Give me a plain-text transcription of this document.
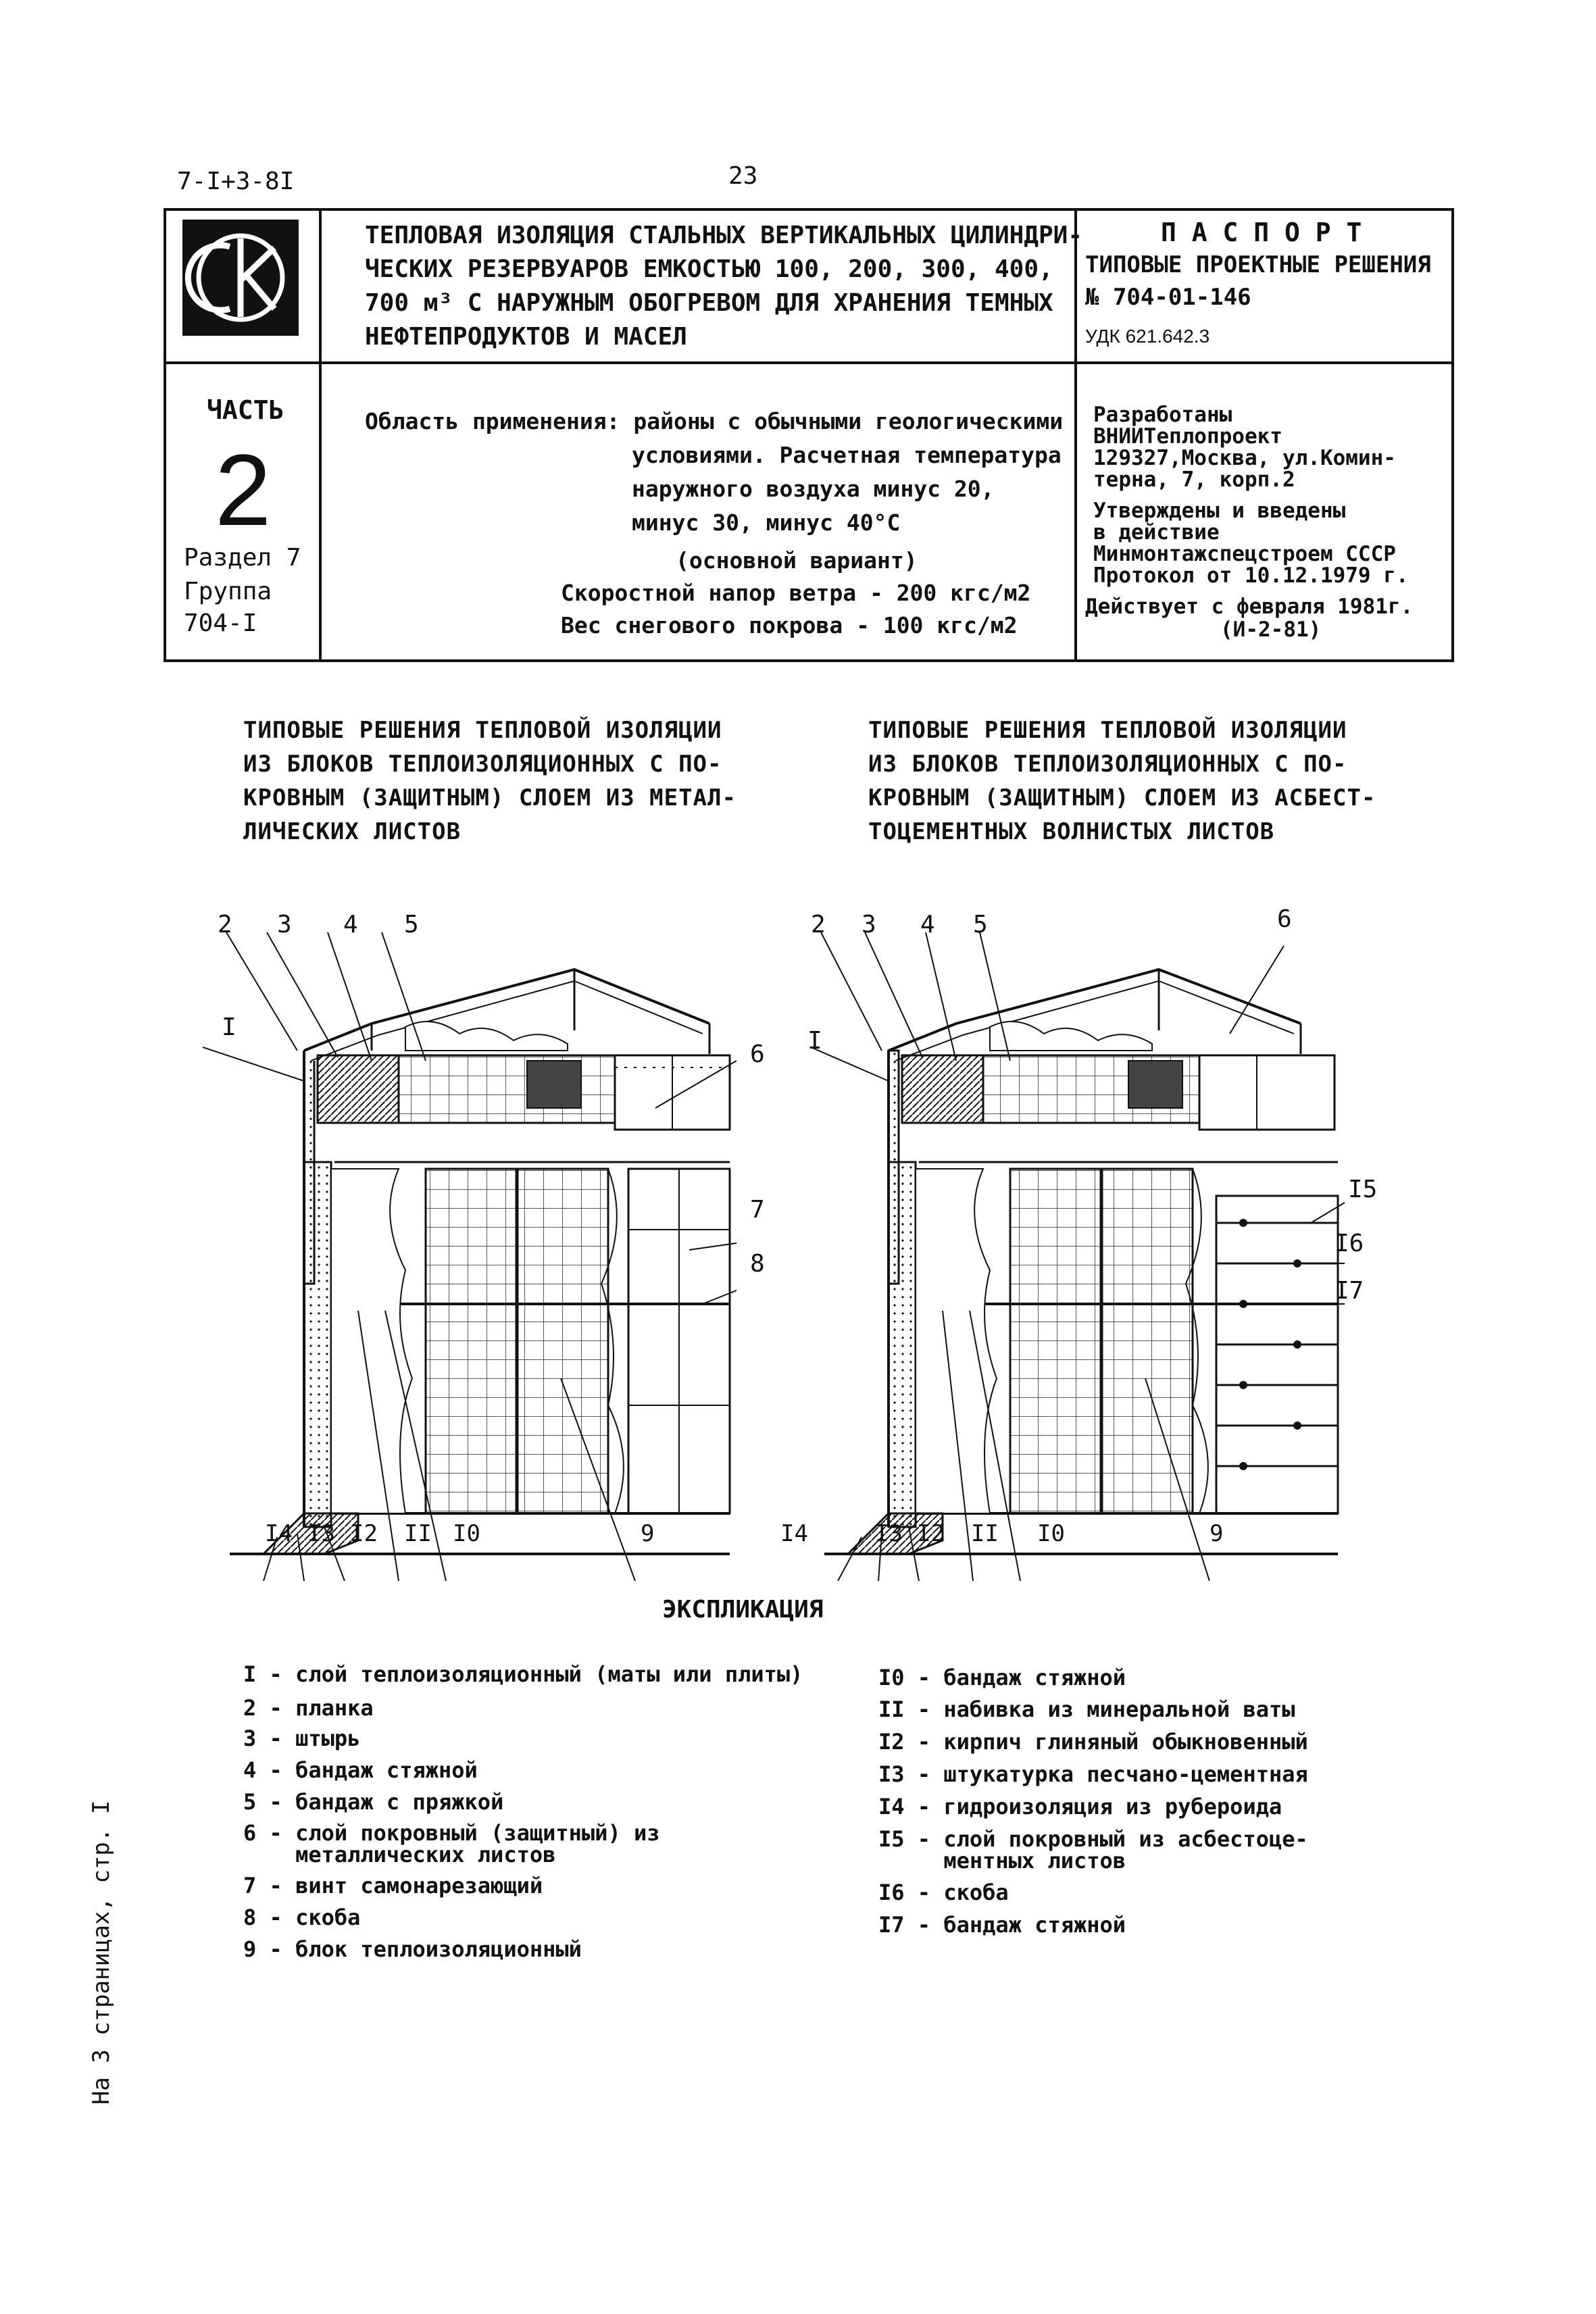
7-I+3-8I	23
ТЕПЛОВАЯ ИЗОЛЯЦИЯ СТАЛЬНЫХ ВЕРТИКАЛЬНЫХ ЦИЛИНДРИ-
ЧЕСКИХ РЕЗЕРВУАРОВ ЕМКОСТЬЮ 100, 200, 300, 400,
700 м³ С НАРУЖНЫМ ОБОГРЕВОМ ДЛЯ ХРАНЕНИЯ ТЕМНЫХ
НЕФТЕПРОДУКТОВ И МАСЕЛ
П А С П О Р Т
ТИПОВЫЕ ПРОЕКТНЫЕ РЕШЕНИЯ
№ 704-01-146
УДК 621.642.3
ЧАСТЬ
2
Раздел 7
Группа
704-I
Область применения: районы с обычными геологическими
условиями. Расчетная температура
наружного воздуха минус 20,
минус 30, минус 40°С
(основной вариант)
Скоростной напор ветра - 200 кгс/м2
Вес снегового покрова - 100 кгс/м2
Разработаны
ВНИИТеплопроект
129327,Москва, ул.Комин-
терна, 7, корп.2
Утверждены и введены
в действие
Минмонтажспецстроем СССР
Протокол от 10.12.1979 г.
Действует с февраля 1981г.
(И-2-81)
ТИПОВЫЕ РЕШЕНИЯ ТЕПЛОВОЙ ИЗОЛЯЦИИ
ИЗ БЛОКОВ ТЕПЛОИЗОЛЯЦИОННЫХ С ПО-
КРОВНЫМ (ЗАЩИТНЫМ) СЛОЕМ ИЗ МЕТАЛ-
ЛИЧЕСКИХ ЛИСТОВ
ТИПОВЫЕ РЕШЕНИЯ ТЕПЛОВОЙ ИЗОЛЯЦИИ
ИЗ БЛОКОВ ТЕПЛОИЗОЛЯЦИОННЫХ С ПО-
КРОВНЫМ (ЗАЩИТНЫМ) СЛОЕМ ИЗ АСБЕСТ-
ТОЦЕМЕНТНЫХ ВОЛНИСТЫХ ЛИСТОВ
2 3 4 5
I
6
7
8
I4 I3 I2 II I0	9
2 3 4 5	6
I
I5
I6
I7
I4	I3 I2 II I0	9
ЭКСПЛИКАЦИЯ
I - слой теплоизоляционный (маты или плиты)
2 - планка
3 - штырь
4 - бандаж стяжной
5 - бандаж с пряжкой
6 - слой покровный (защитный) из
металлических листов
7 - винт самонарезающий
8 - скоба
9 - блок теплоизоляционный
I0 - бандаж стяжной
II - набивка из минеральной ваты
I2 - кирпич глиняный обыкновенный
I3 - штукатурка песчано-цементная
I4 - гидроизоляция из рубероида
I5 - слой покровный из асбестоце-
ментных листов
I6 - скоба
I7 - бандаж стяжной
На 3 страницах, стр. I
